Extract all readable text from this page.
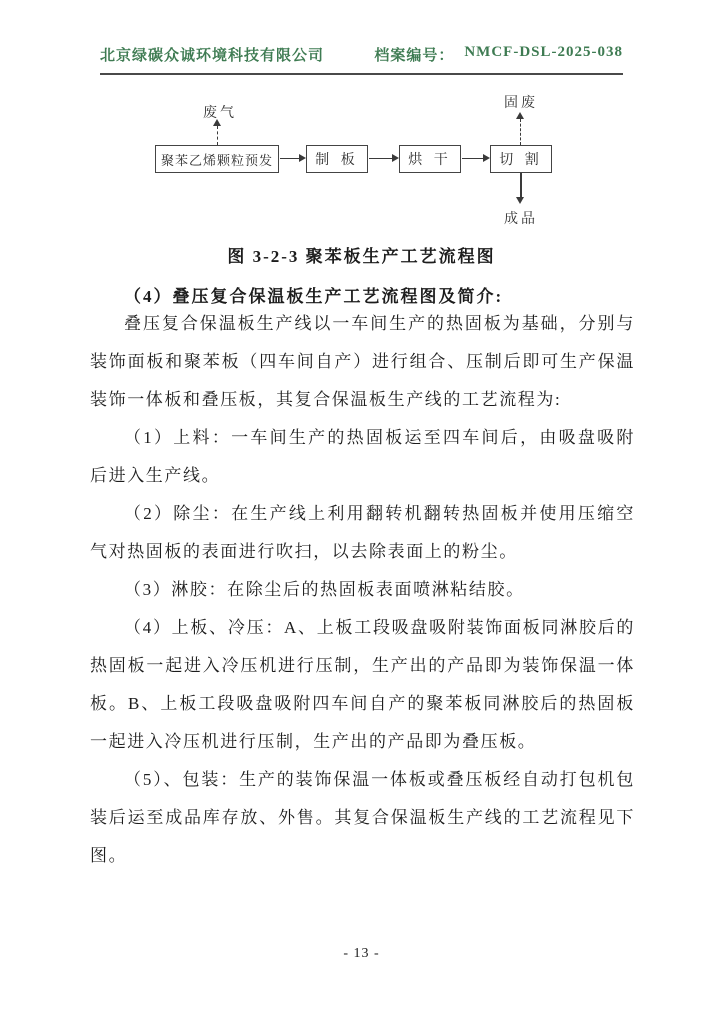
北京绿碳众诚环境科技有限公司	档案编号： NMCF-DSL-2025-038
废气
固废
成品
聚苯乙烯颗粒预发	制 板	烘 干	切 割
图 3-2-3 聚苯板生产工艺流程图
（4）叠压复合保温板生产工艺流程图及简介:

叠压复合保温板生产线以一车间生产的热固板为基础，分别与装饰面板和聚苯板（四车间自产）进行组合、压制后即可生产保温装饰一体板和叠压板，其复合保温板生产线的工艺流程为:

（1）上料：一车间生产的热固板运至四车间后，由吸盘吸附后进入生产线。

（2）除尘：在生产线上利用翻转机翻转热固板并使用压缩空气对热固板的表面进行吹扫，以去除表面上的粉尘。

（3）淋胶：在除尘后的热固板表面喷淋粘结胶。

（4）上板、冷压：A、上板工段吸盘吸附装饰面板同淋胶后的热固板一起进入冷压机进行压制，生产出的产品即为装饰保温一体板。B、上板工段吸盘吸附四车间自产的聚苯板同淋胶后的热固板一起进入冷压机进行压制，生产出的产品即为叠压板。

（5）、包装：生产的装饰保温一体板或叠压板经自动打包机包装后运至成品库存放、外售。其复合保温板生产线的工艺流程见下图。

- 13 -
